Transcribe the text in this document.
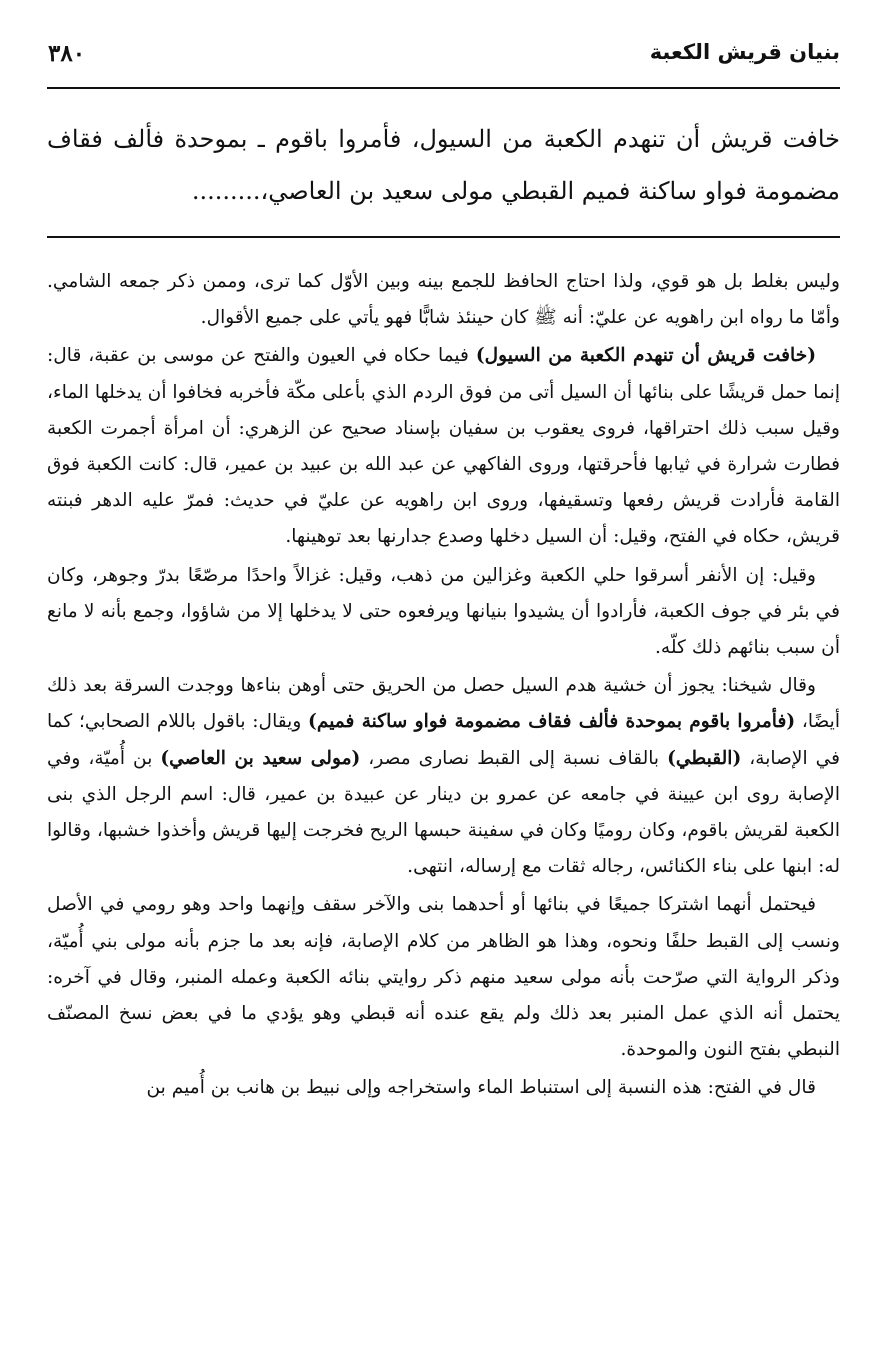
بنيان قريش الكعبة
٣٨٠
خافت قريش أن تنهدم الكعبة من السيول، فأمروا باقوم ـ بموحدة فألف فقاف مضمومة فواو ساكنة فميم القبطي مولى سعيد بن العاصي،.........

وليس بغلط بل هو قوي، ولذا احتاج الحافظ للجمع بينه وبين الأوّل كما ترى، وممن ذكر جمعه الشامي. وأمّا ما رواه ابن راهويه عن عليّ: أنه ﷺ كان حينئذ شابًّا فهو يأتي على جميع الأقوال.

(خافت قريش أن تنهدم الكعبة من السيول) فيما حكاه في العيون والفتح عن موسى بن عقبة، قال: إنما حمل قريشًا على بنائها أن السيل أتى من فوق الردم الذي بأعلى مكّة فأخربه فخافوا أن يدخلها الماء، وقيل سبب ذلك احتراقها، فروى يعقوب بن سفيان بإسناد صحيح عن الزهري: أن امرأة أجمرت الكعبة فطارت شرارة في ثيابها فأحرقتها، وروى الفاكهي عن عبد الله بن عبيد بن عمير، قال: كانت الكعبة فوق القامة فأرادت قريش رفعها وتسقيفها، وروى ابن راهويه عن عليّ في حديث: فمرّ عليه الدهر فبنته قريش، حكاه في الفتح، وقيل: أن السيل دخلها وصدع جدارنها بعد توهينها.

وقيل: إن الأنفر أسرقوا حلي الكعبة وغزالين من ذهب، وقيل: غزالاً واحدًا مرصّعًا بدرّ وجوهر، وكان في بئر في جوف الكعبة، فأرادوا أن يشيدوا بنيانها ويرفعوه حتى لا يدخلها إلا من شاؤوا، وجمع بأنه لا مانع أن سبب بنائهم ذلك كلّه.

وقال شيخنا: يجوز أن خشية هدم السيل حصل من الحريق حتى أوهن بناءها ووجدت السرقة بعد ذلك أيضًا، (فأمروا باقوم بموحدة فألف فقاف مضمومة فواو ساكنة فميم) ويقال: باقول باللام الصحابي؛ كما في الإصابة، (القبطي) بالقاف نسبة إلى القبط نصارى مصر، (مولى سعيد بن العاصي) بن أُميّة، وفي الإصابة روى ابن عيينة في جامعه عن عمرو بن دينار عن عبيدة بن عمير، قال: اسم الرجل الذي بنى الكعبة لقريش باقوم، وكان روميًا وكان في سفينة حبسها الريح فخرجت إليها قريش وأخذوا خشبها، وقالوا له: ابنها على بناء الكنائس، رجاله ثقات مع إرساله، انتهى.

فيحتمل أنهما اشتركا جميعًا في بنائها أو أحدهما بنى والآخر سقف وإنهما واحد وهو رومي في الأصل ونسب إلى القبط حلفًا ونحوه، وهذا هو الظاهر من كلام الإصابة، فإنه بعد ما جزم بأنه مولى بني أُميّة، وذكر الرواية التي صرّحت بأنه مولى سعيد منهم ذكر روايتي بنائه الكعبة وعمله المنبر، وقال في آخره: يحتمل أنه الذي عمل المنبر بعد ذلك ولم يقع عنده أنه قبطي وهو يؤدي ما في بعض نسخ المصنّف النبطي بفتح النون والموحدة.

قال في الفتح: هذه النسبة إلى استنباط الماء واستخراجه وإلى نبيط بن هانب بن أُميم بن
